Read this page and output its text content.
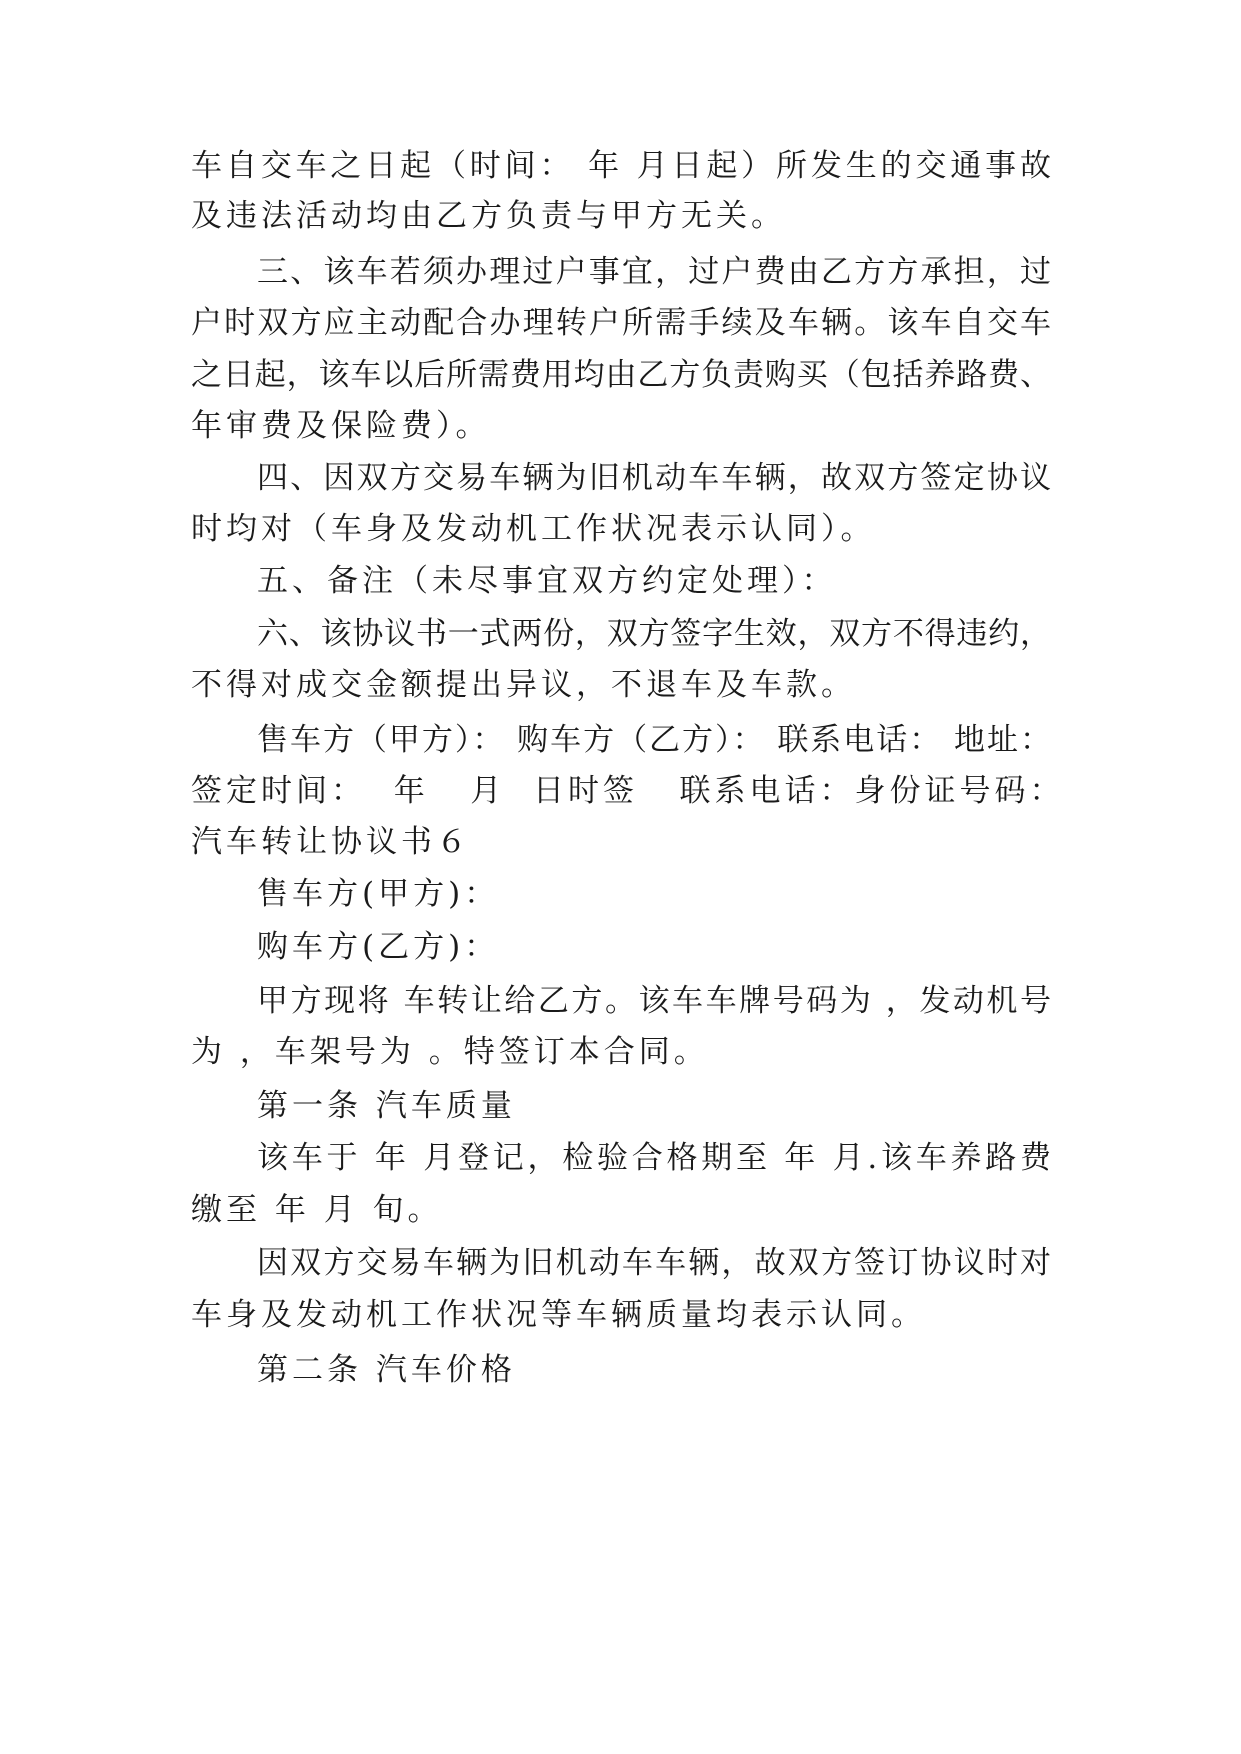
车自交车之日起（时间： 年 月日起）所发生的交通事故
及违法活动均由乙方负责与甲方无关。
三、该车若须办理过户事宜，过户费由乙方方承担，过
户时双方应主动配合办理转户所需手续及车辆。该车自交车
之日起，该车以后所需费用均由乙方负责购买（包括养路费、
年审费及保险费）。
四、因双方交易车辆为旧机动车车辆，故双方签定协议
时均对（车身及发动机工作状况表示认同）。
五、备注（未尽事宜双方约定处理）：
六、该协议书一式两份，双方签字生效，双方不得违约，
不得对成交金额提出异议，不退车及车款。
售车方（甲方）： 购车方（乙方）： 联系电话： 地址：
签定时间：  年   月  日时签   联系电话：身份证号码：
汽车转让协议书６
售车方(甲方)：
购车方(乙方)：
甲方现将 车转让给乙方。该车车牌号码为 ，发动机号
为 ，车架号为 。特签订本合同。
第一条 汽车质量
该车于 年 月登记，检验合格期至 年 月.该车养路费
缴至 年 月 旬。
因双方交易车辆为旧机动车车辆，故双方签订协议时对
车身及发动机工作状况等车辆质量均表示认同。
第二条 汽车价格
